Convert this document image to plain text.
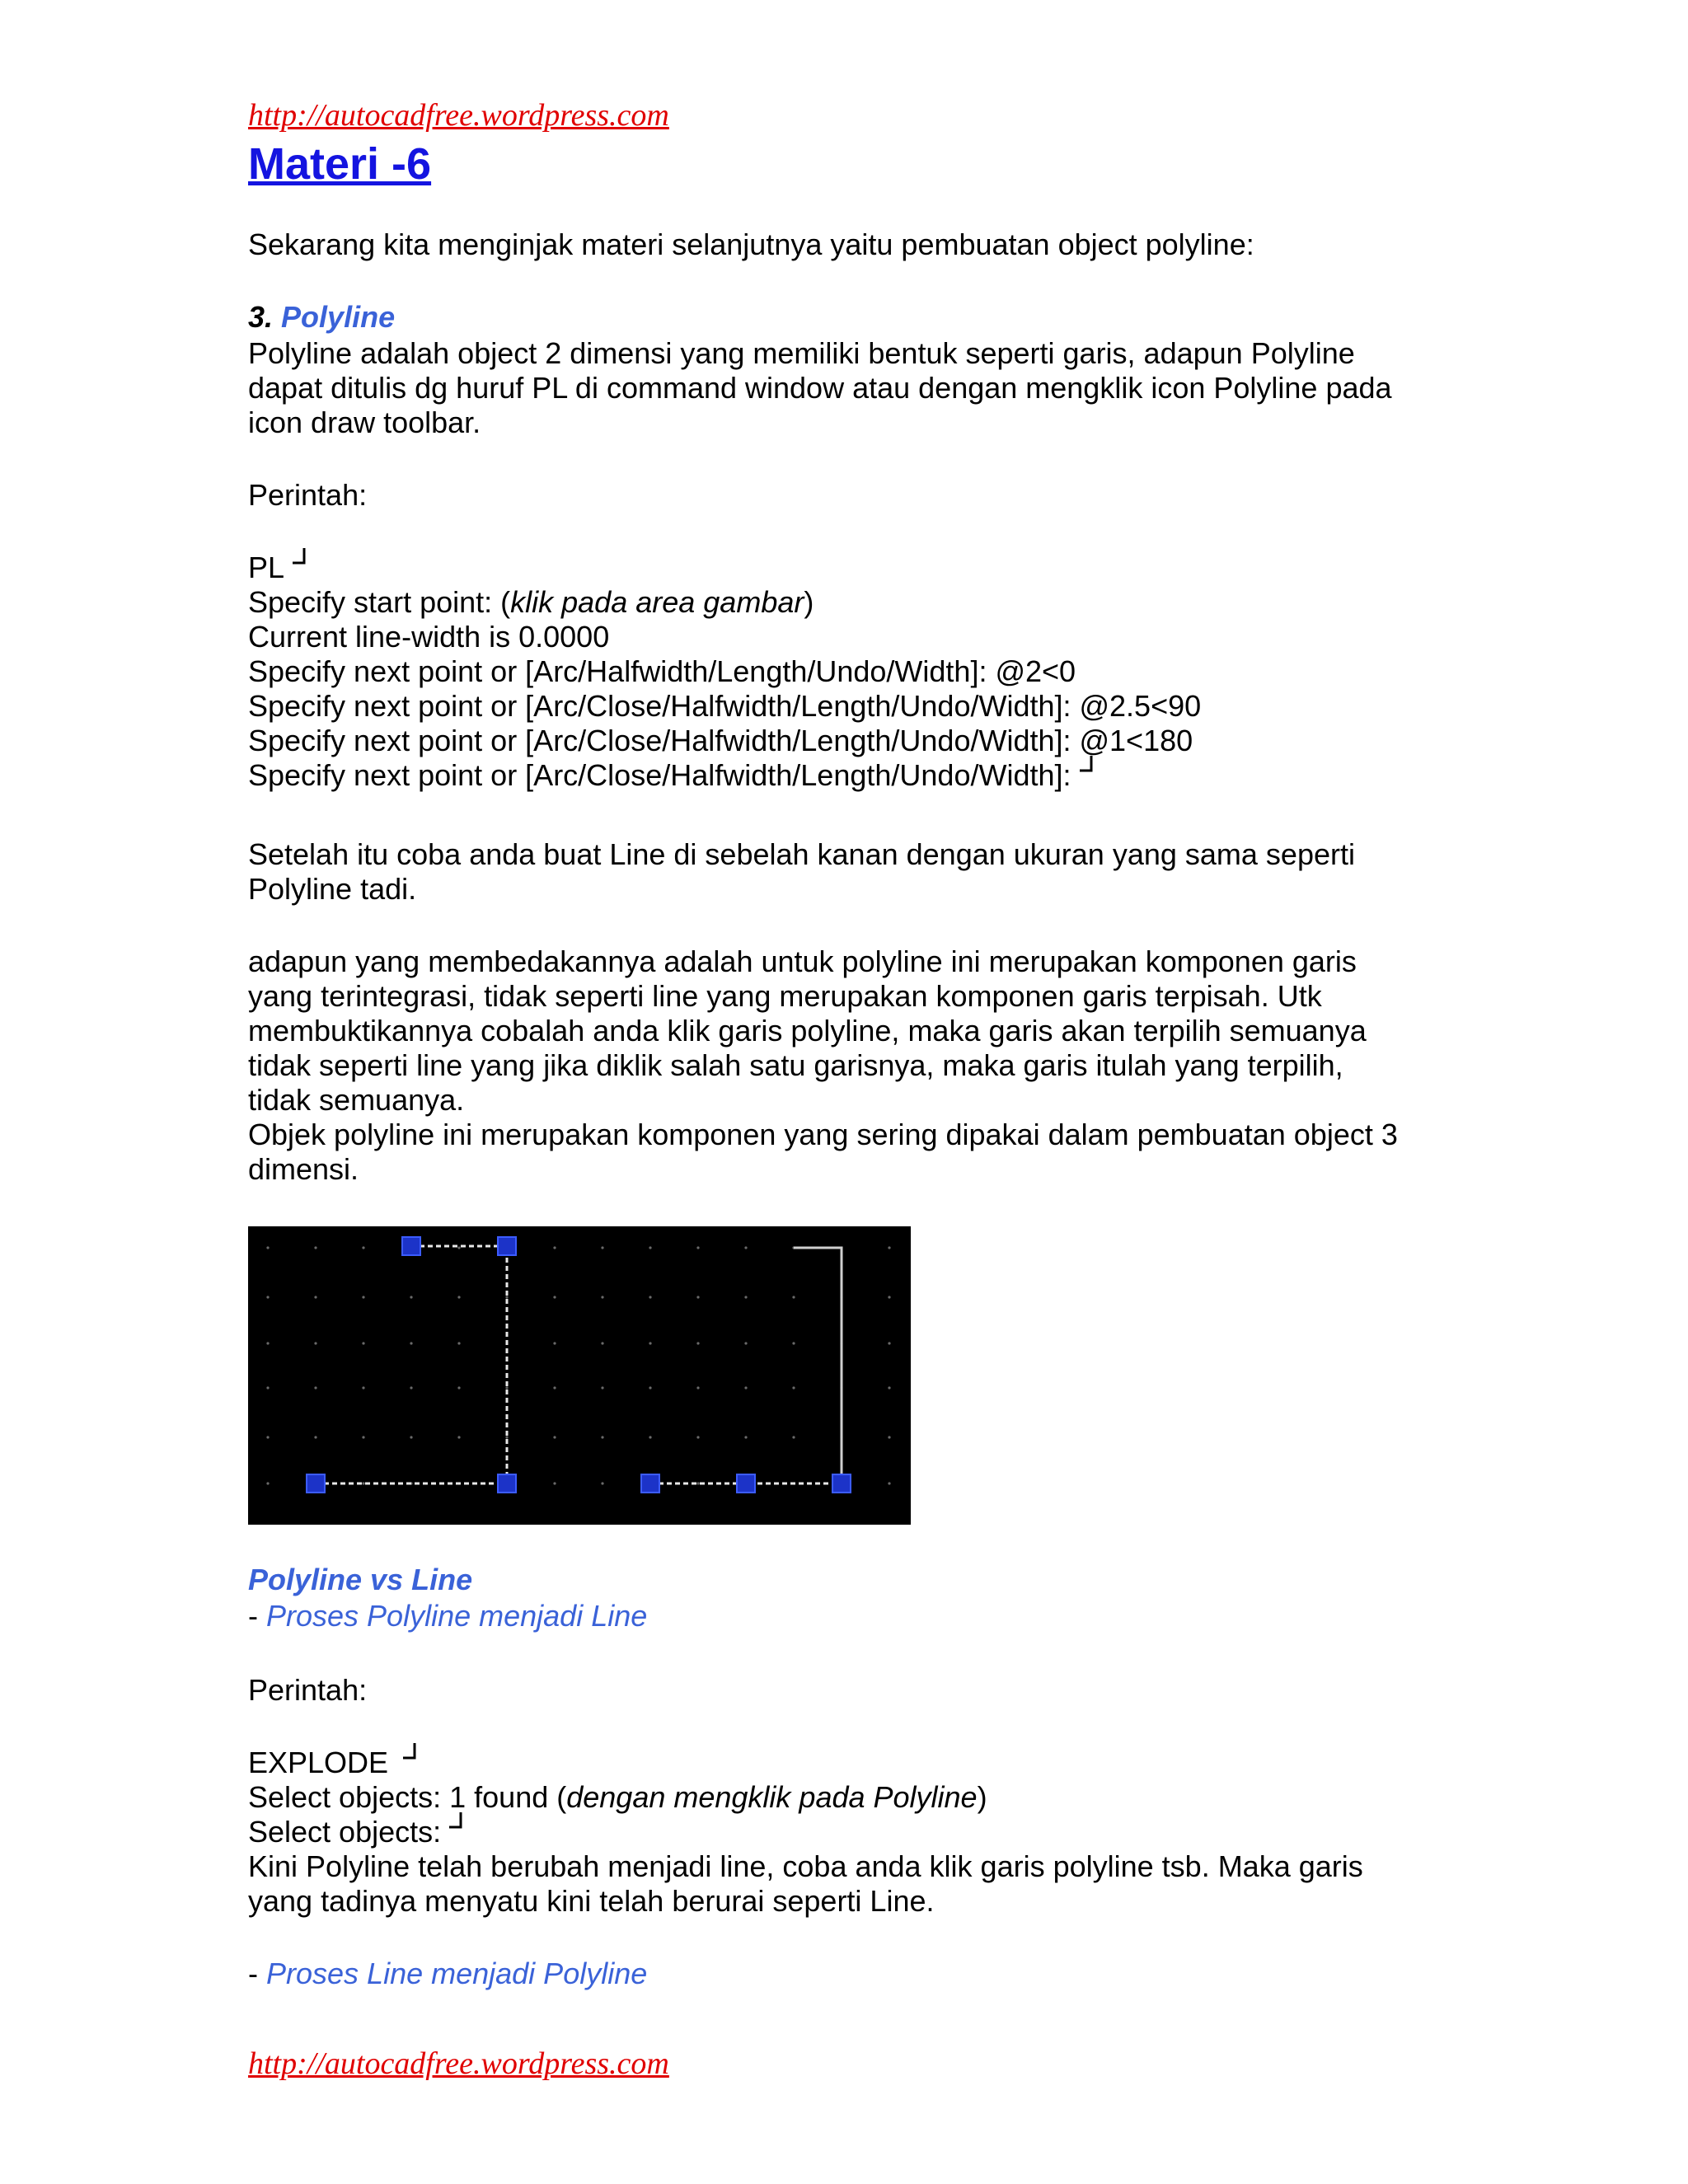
http://autocadfree.wordpress.com
Materi -6
Sekarang kita menginjak materi selanjutnya yaitu pembuatan object polyline:
3. Polyline
Polyline adalah object 2 dimensi yang memiliki bentuk seperti garis, adapun Polyline
dapat ditulis dg huruf PL di command window atau dengan mengklik icon Polyline pada
icon draw toolbar.
Perintah:
PL
Specify start point: (klik pada area gambar)
Current line-width is 0.0000
Specify next point or [Arc/Halfwidth/Length/Undo/Width]: @2<0
Specify next point or [Arc/Close/Halfwidth/Length/Undo/Width]: @2.5<90
Specify next point or [Arc/Close/Halfwidth/Length/Undo/Width]: @1<180
Specify next point or [Arc/Close/Halfwidth/Length/Undo/Width]:
Setelah itu coba anda buat Line di sebelah kanan dengan ukuran yang sama seperti
Polyline tadi.
adapun yang membedakannya adalah untuk polyline ini merupakan komponen garis
yang terintegrasi, tidak seperti line yang merupakan komponen garis terpisah. Utk
membuktikannya cobalah anda klik garis polyline, maka garis akan terpilih semuanya
tidak seperti line yang jika diklik salah satu garisnya, maka garis itulah yang terpilih,
tidak semuanya.
Objek polyline ini merupakan komponen yang sering dipakai dalam pembuatan object 3
dimensi.
Polyline vs Line
- Proses Polyline menjadi Line
Perintah:
EXPLODE
Select objects: 1 found (dengan mengklik pada Polyline)
Select objects:
Kini Polyline telah berubah menjadi line, coba anda klik garis polyline tsb. Maka garis
yang tadinya menyatu kini telah berurai seperti Line.
- Proses Line menjadi Polyline
http://autocadfree.wordpress.com
